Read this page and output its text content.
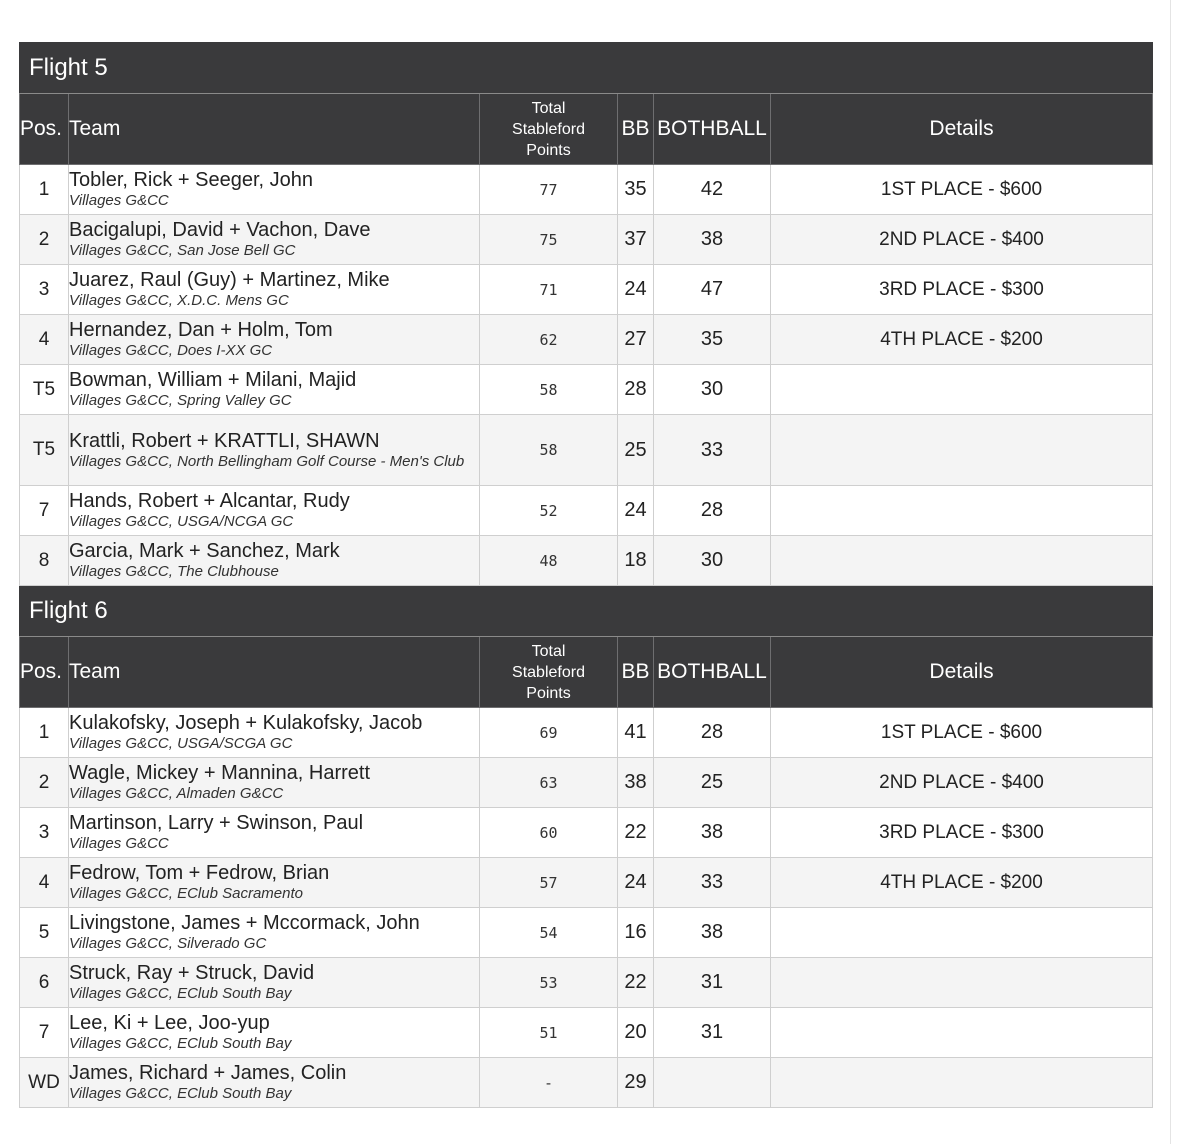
Flight 5					
Pos.	Team	Total
Stableford
Points	BB	BOTHBALL	Details
1	Tobler, Rick + Seeger, John
Villages G&CC	77	35	42	1ST PLACE - $600
2	Bacigalupi, David + Vachon, Dave
Villages G&CC, San Jose Bell GC	75	37	38	2ND PLACE - $400
3	Juarez, Raul (Guy) + Martinez, Mike
Villages G&CC, X.D.C. Mens GC	71	24	47	3RD PLACE - $300
4	Hernandez, Dan + Holm, Tom
Villages G&CC, Does I-XX GC	62	27	35	4TH PLACE - $200
T5	Bowman, William + Milani, Majid
Villages G&CC, Spring Valley GC	58	28	30	
T5	Krattli, Robert + KRATTLI, SHAWN
Villages G&CC, North Bellingham Golf Course - Men's Club	58	25	33	
7	Hands, Robert + Alcantar, Rudy
Villages G&CC, USGA/NCGA GC	52	24	28	
8	Garcia, Mark + Sanchez, Mark
Villages G&CC, The Clubhouse	48	18	30	
Flight 6					
Pos.	Team	Total
Stableford
Points	BB	BOTHBALL	Details
1	Kulakofsky, Joseph + Kulakofsky, Jacob
Villages G&CC, USGA/SCGA GC	69	41	28	1ST PLACE - $600
2	Wagle, Mickey + Mannina, Harrett
Villages G&CC, Almaden G&CC	63	38	25	2ND PLACE - $400
3	Martinson, Larry + Swinson, Paul
Villages G&CC	60	22	38	3RD PLACE - $300
4	Fedrow, Tom + Fedrow, Brian
Villages G&CC, EClub Sacramento	57	24	33	4TH PLACE - $200
5	Livingstone, James + Mccormack, John
Villages G&CC, Silverado GC	54	16	38	
6	Struck, Ray + Struck, David
Villages G&CC, EClub South Bay	53	22	31	
7	Lee, Ki + Lee, Joo-yup
Villages G&CC, EClub South Bay	51	20	31	
WD	James, Richard + James, Colin
Villages G&CC, EClub South Bay	-	29		
